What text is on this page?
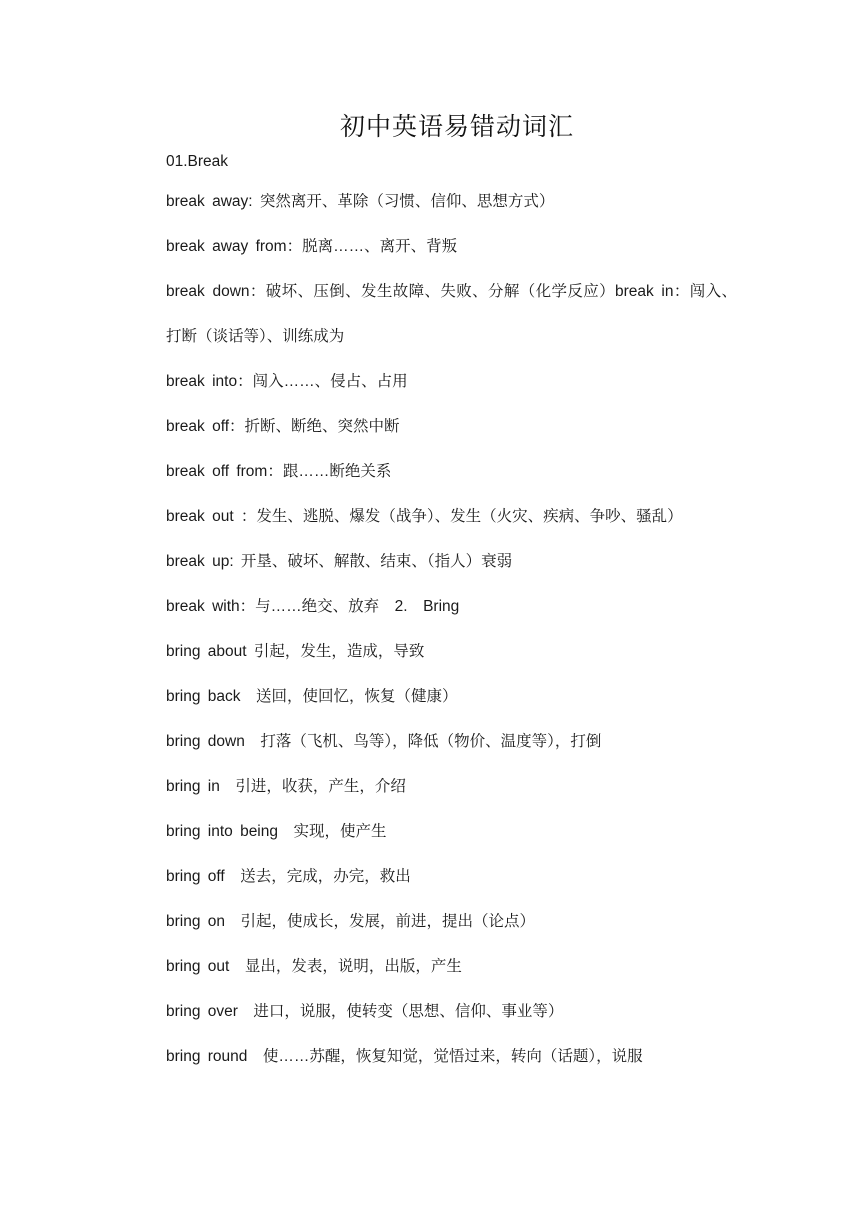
初中英语易错动词汇
01.Break
break away: 突然离开、革除（习惯、信仰、思想方式）
break away from：脱离……、离开、背叛
break down：破坏、压倒、发生故障、失败、分解（化学反应）break in：闯入、打断（谈话等）、训练成为
break into：闯入……、侵占、占用
break off：折断、断绝、突然中断
break off from：跟……断绝关系
break out ：发生、逃脱、爆发（战争）、发生（火灾、疾病、争吵、骚乱）
break up: 开垦、破坏、解散、结束、（指人）衰弱
break with：与……绝交、放弃　2.　Bring
bring about 引起，发生，造成，导致
bring back　送回，使回忆，恢复（健康）
bring down　打落（飞机、鸟等），降低（物价、温度等），打倒
bring in　引进，收获，产生，介绍
bring into being　实现，使产生
bring off　送去，完成，办完，救出
bring on　引起，使成长，发展，前进，提出（论点）
bring out　显出，发表，说明，出版，产生
bring over　进口，说服，使转变（思想、信仰、事业等）
bring round　使……苏醒，恢复知觉，觉悟过来，转向（话题），说服
